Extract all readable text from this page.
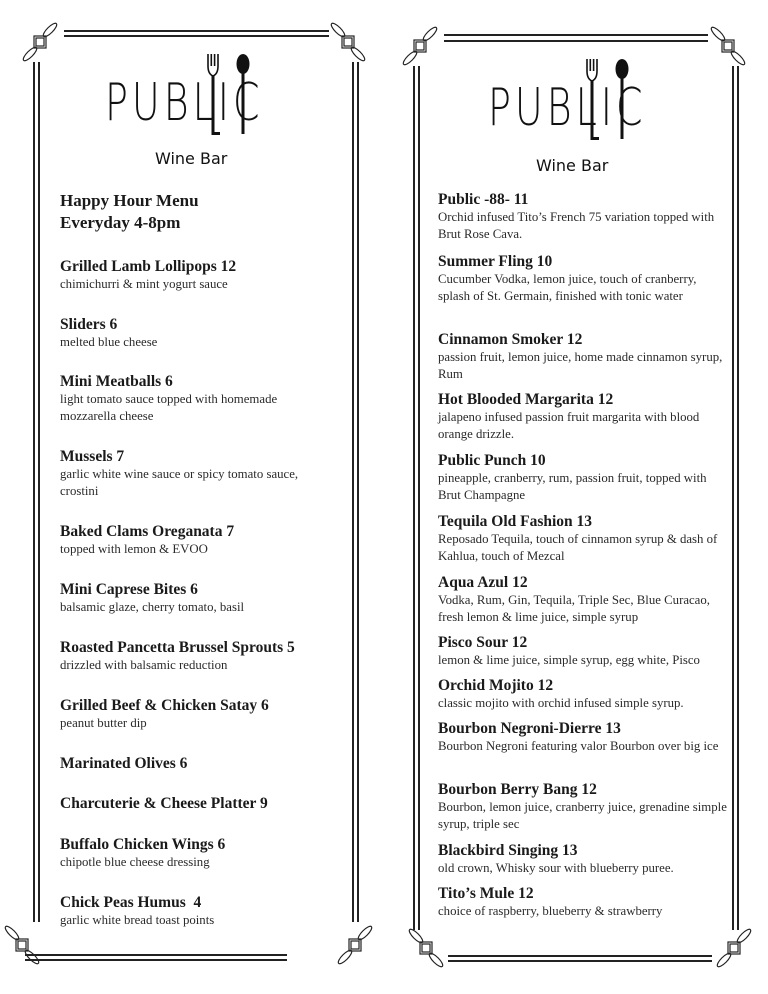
PUBLIC
Wine Bar
Happy Hour Menu
Everyday 4-8pm
Grilled Lamb Lollipops 12
chimichurri & mint yogurt sauce
Sliders 6
melted blue cheese
Mini Meatballs 6
light tomato sauce topped with homemade mozzarella cheese
Mussels 7
garlic white wine sauce or spicy tomato sauce, crostini
Baked Clams Oreganata 7
topped with lemon & EVOO
Mini Caprese Bites 6
balsamic glaze, cherry tomato, basil
Roasted Pancetta Brussel Sprouts 5
drizzled with balsamic reduction
Grilled Beef & Chicken Satay 6
peanut butter dip
Marinated Olives 6
Charcuterie & Cheese Platter 9
Buffalo Chicken Wings 6
chipotle blue cheese dressing
Chick Peas Humus  4
garlic white bread toast points
PUBLIC
Wine Bar
Public -88- 11
Orchid infused Tito’s French 75 variation topped with Brut Rose Cava.
Summer Fling 10
Cucumber Vodka, lemon juice, touch of cranberry, splash of St. Germain, finished with tonic water
Cinnamon Smoker 12
passion fruit, lemon juice, home made cinnamon syrup, Rum
Hot Blooded Margarita 12
jalapeno infused passion fruit margarita with blood orange drizzle.
Public Punch 10
pineapple, cranberry, rum, passion fruit, topped with Brut Champagne
Tequila Old Fashion 13
Reposado Tequila, touch of cinnamon syrup & dash of Kahlua, touch of Mezcal
Aqua Azul 12
Vodka, Rum, Gin, Tequila, Triple Sec, Blue Curacao, fresh lemon & lime juice, simple syrup
Pisco Sour 12
lemon & lime juice, simple syrup, egg white, Pisco
Orchid Mojito 12
classic mojito with orchid infused simple syrup.
Bourbon Negroni-Dierre 13
Bourbon Negroni featuring valor Bourbon over big ice
Bourbon Berry Bang 12
Bourbon, lemon juice, cranberry juice, grenadine simple syrup, triple sec
Blackbird Singing 13
old crown, Whisky sour with blueberry puree.
Tito’s Mule 12
choice of raspberry, blueberry & strawberry
